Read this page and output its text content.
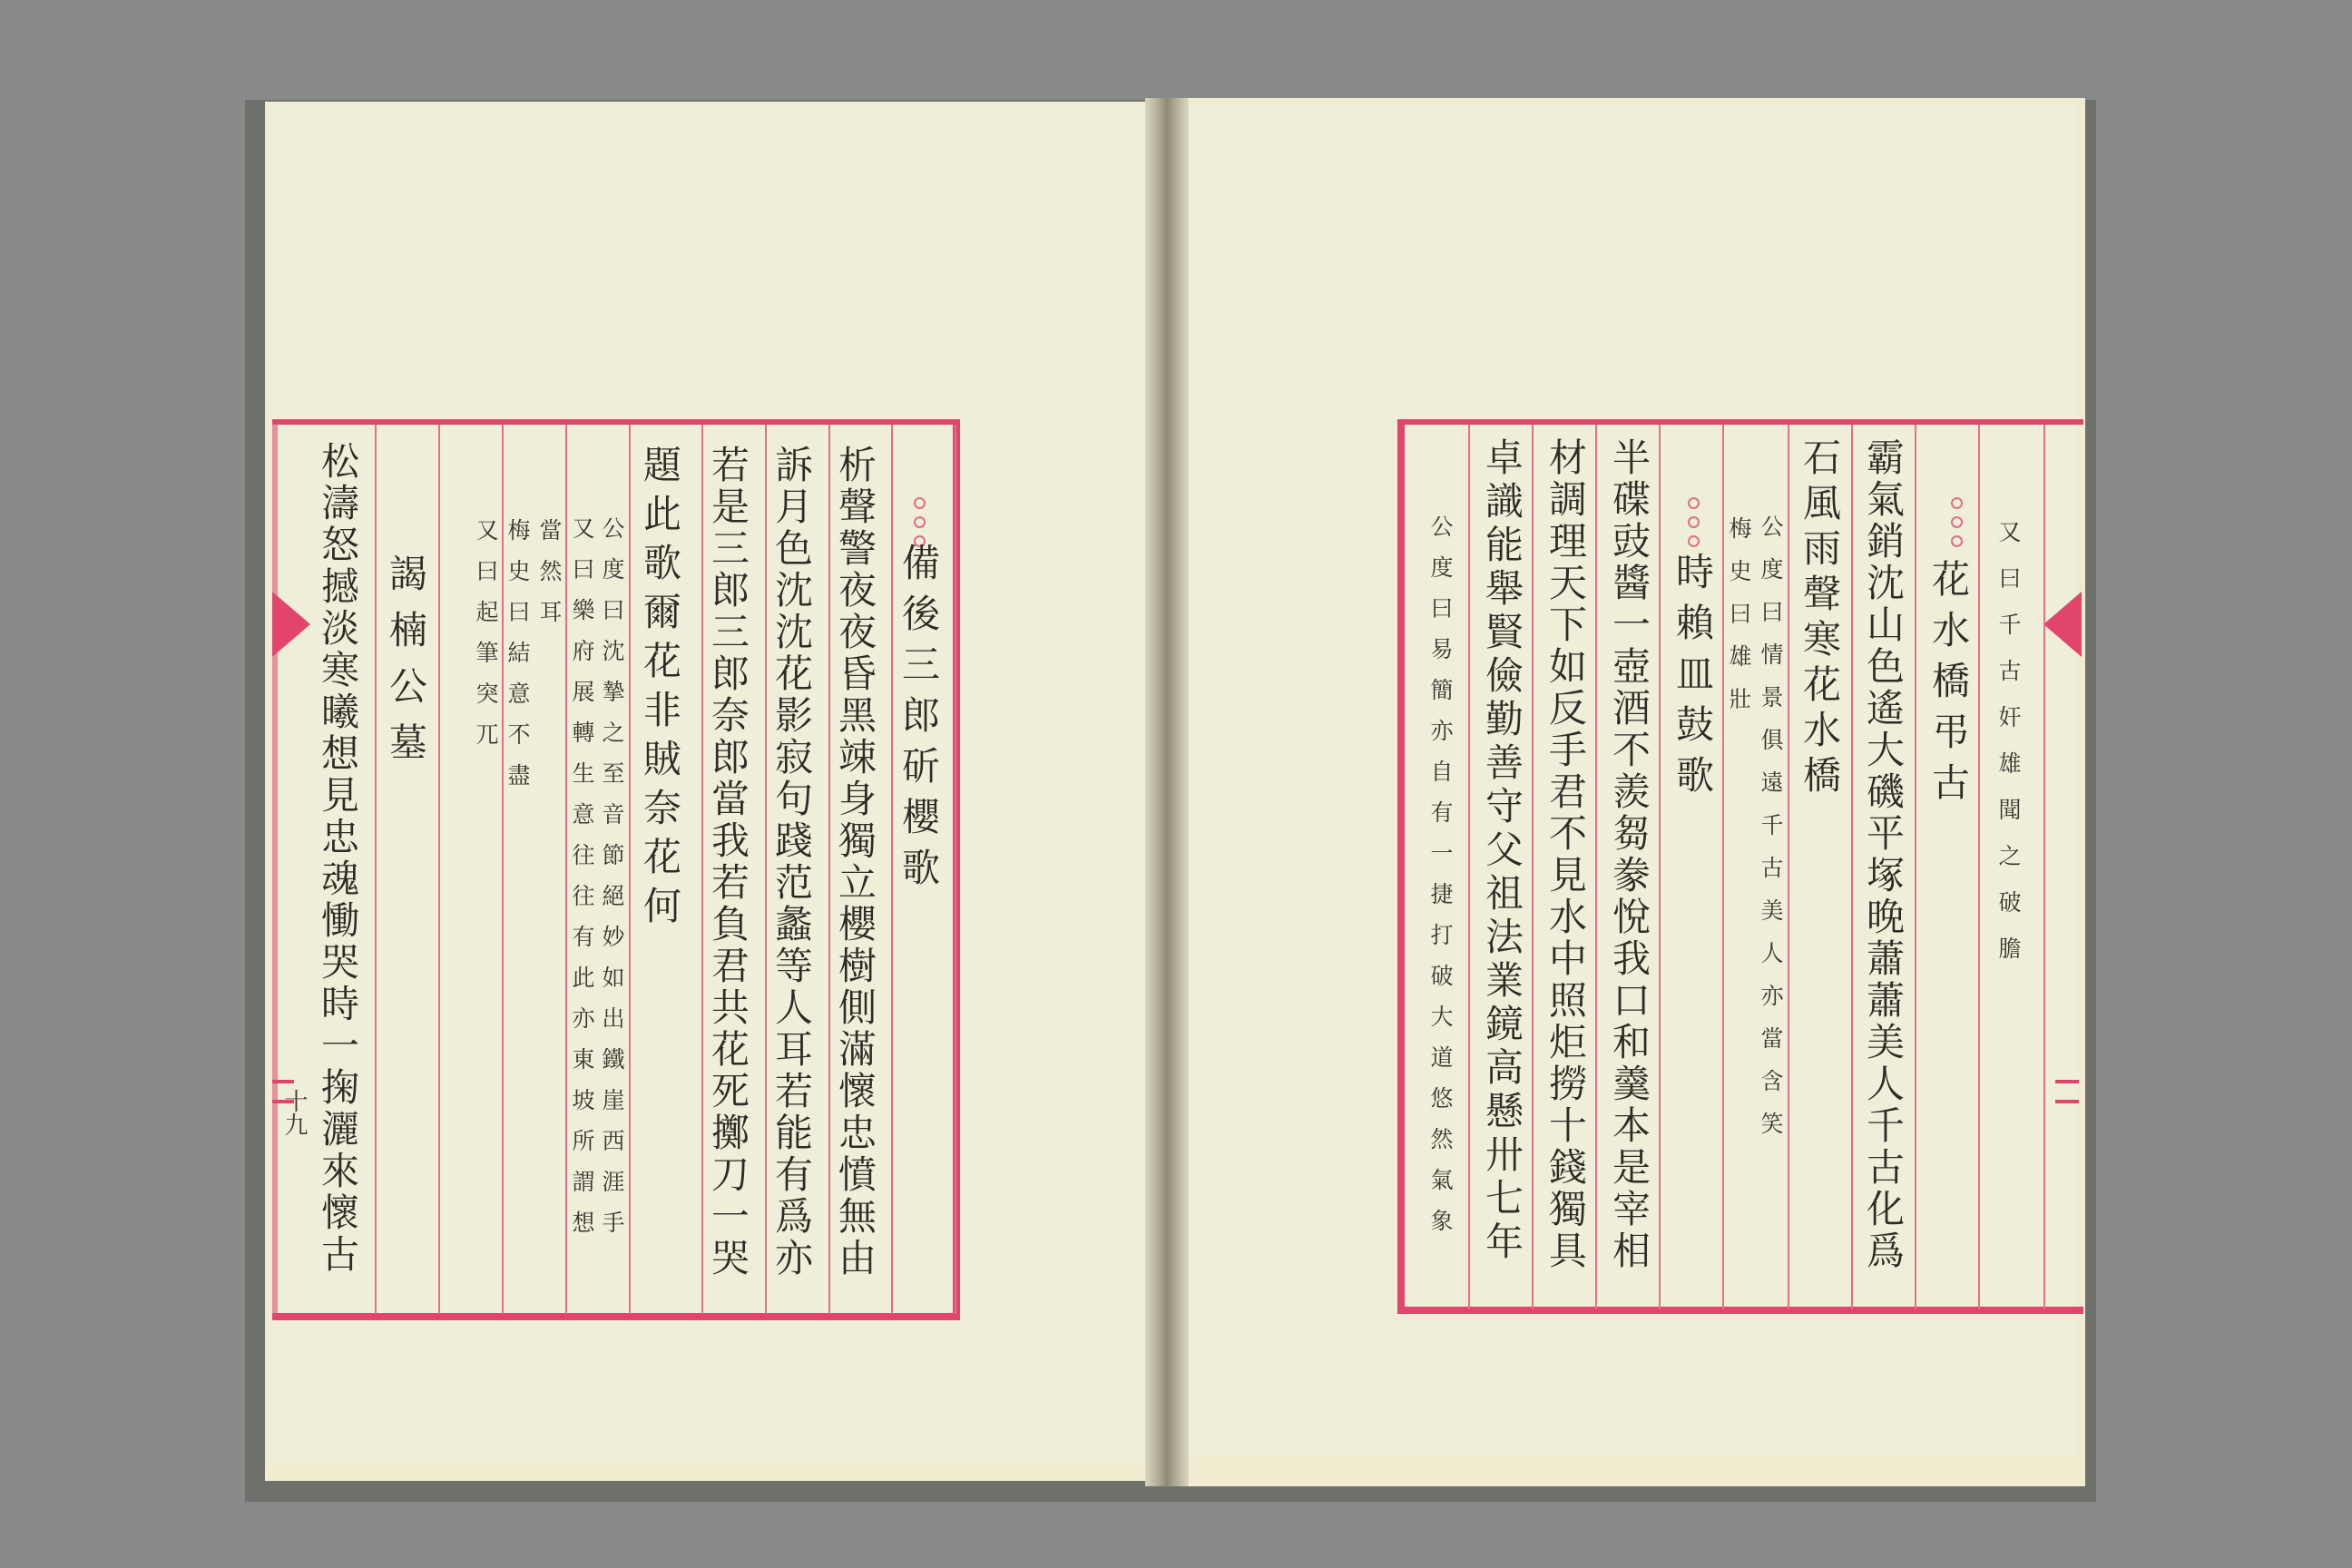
備
後
三
郎
斫
櫻
歌
析
聲
警
夜
夜
昏
黑
竦
身
獨
立
櫻
樹
側
滿
懷
忠
憤
無
由
訴
月
色
沈
沈
花
影
寂
句
踐
范
蠡
等
人
耳
若
能
有
爲
亦
若
是
三
郎
三
郎
奈
郎
當
我
若
負
君
共
花
死
擲
刀
一
哭
題
此
歌
爾
花
非
賊
奈
花
何
公
度
曰
沈
摯
之
至
音
節
絕
妙
如
出
鐵
崖
西
涯
手
又
曰
樂
府
展
轉
生
意
往
往
有
此
亦
東
坡
所
謂
想
當
然
耳
梅
史
曰
結
意
不
盡
又
曰
起
筆
突
兀
謁
楠
公
墓
松
濤
怒
撼
淡
寒
曦
想
見
忠
魂
慟
哭
時
一
掬
灑
來
懷
古
十九
又
曰
千
古
奸
雄
聞
之
破
膽
花
水
橋
弔
古
霸
氣
銷
沈
山
色
遙
大
磯
平
塚
晚
蕭
蕭
美
人
千
古
化
爲
石
風
雨
聲
寒
花
水
橋
公
度
曰
情
景
俱
遠
千
古
美
人
亦
當
含
笑
梅
史
曰
雄
壯
時
賴
皿
鼓
歌
半
碟
豉
醬
一
壺
酒
不
羨
芻
豢
悅
我
口
和
羹
本
是
宰
相
材
調
理
天
下
如
反
手
君
不
見
水
中
照
炬
撈
十
錢
獨
具
卓
識
能
舉
賢
儉
勤
善
守
父
祖
法
業
鏡
高
懸
卅
七
年
公
度
曰
易
簡
亦
自
有
一
捷
打
破
大
道
悠
然
氣
象
